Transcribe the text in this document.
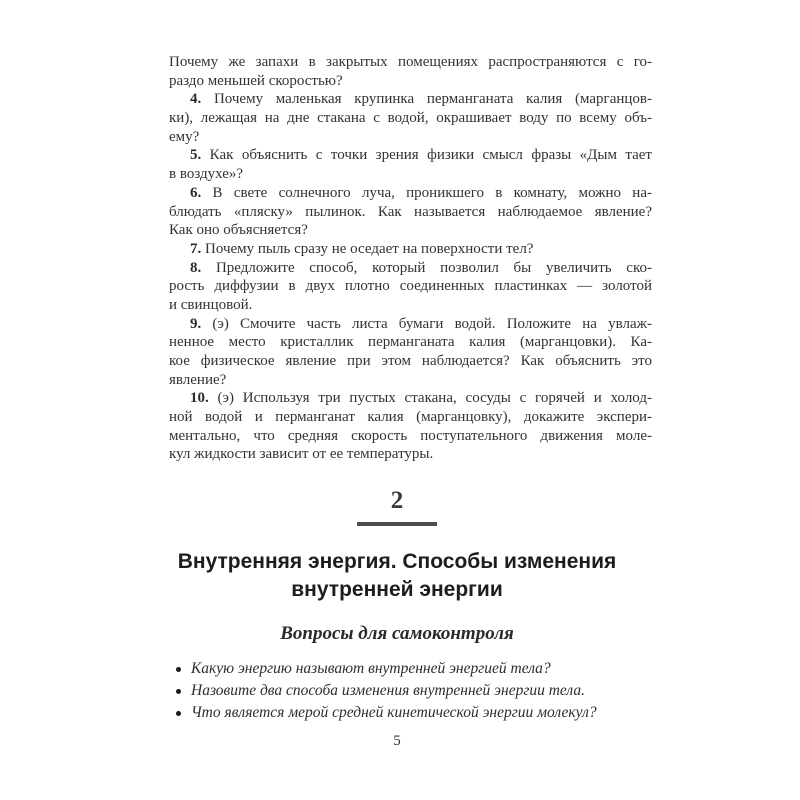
Почему же запахи в закрытых помещениях распространяются с го-
раздо меньшей скоростью?
4. Почему маленькая крупинка перманганата калия (марганцов-
ки), лежащая на дне стакана с водой, окрашивает воду по всему объ-
ему?
5. Как объяснить с точки зрения физики смысл фразы «Дым тает
в воздухе»?
6. В свете солнечного луча, проникшего в комнату, можно на-
блюдать «пляску» пылинок. Как называется наблюдаемое явление?
Как оно объясняется?
7. Почему пыль сразу не оседает на поверхности тел?
8. Предложите способ, который позволил бы увеличить ско-
рость диффузии в двух плотно соединенных пластинках — золотой
и свинцовой.
9. (э) Смочите часть листа бумаги водой. Положите на увлаж-
ненное место кристаллик перманганата калия (марганцовки). Ка-
кое физическое явление при этом наблюдается? Как объяснить это
явление?
10. (э) Используя три пустых стакана, сосуды с горячей и холод-
ной водой и перманганат калия (марганцовку), докажите экспери-
ментально, что средняя скорость поступательного движения моле-
кул жидкости зависит от ее температуры.
2
Внутренняя энергия. Способы изменения
внутренней энергии
Вопросы для самоконтроля
Какую энергию называют внутренней энергией тела?
Назовите два способа изменения внутренней энергии тела.
Что является мерой средней кинетической энергии молекул?
5
